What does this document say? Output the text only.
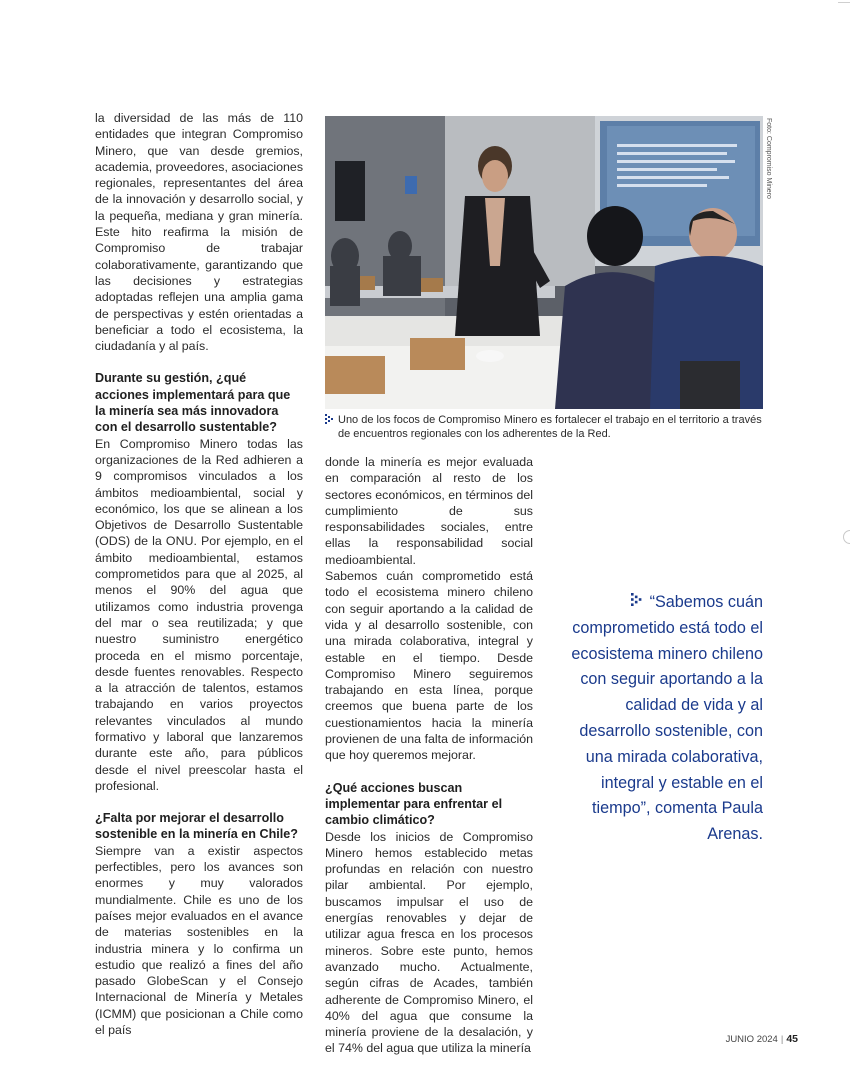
la diversidad de las más de 110 entidades que integran Compromiso Minero, que van desde gremios, academia, proveedores, asociaciones regionales, representantes del área de la innovación y desarrollo social, y la pequeña, mediana y gran minería. Este hito reafirma la misión de Compromiso de trabajar colaborativamente, garantizando que las decisiones y estrategias adoptadas reflejen una amplia gama de perspectivas y estén orientadas a beneficiar a todo el ecosistema, la ciudadanía y al país.

Durante su gestión, ¿qué acciones implementará para que la minería sea más innovadora con el desarrollo sustentable?

En Compromiso Minero todas las organizaciones de la Red adhieren a 9 compromisos vinculados a los ámbitos medioambiental, social y económico, los que se alinean a los Objetivos de Desarrollo Sustentable (ODS) de la ONU. Por ejemplo, en el ámbito medioambiental, estamos comprometidos para que al 2025, al menos el 90% del agua que utilizamos como industria provenga del mar o sea reutilizada; y que nuestro suministro energético proceda en el mismo porcentaje, desde fuentes renovables. Respecto a la atracción de talentos, estamos trabajando en varios proyectos relevantes vinculados al mundo formativo y laboral que lanzaremos durante este año, para públicos desde el nivel preescolar hasta el profesional.

¿Falta por mejorar el desarrollo sostenible en la minería en Chile?

Siempre van a existir aspectos perfectibles, pero los avances son enormes y muy valorados mundialmente. Chile es uno de los países mejor evaluados en el avance de materias sostenibles en la industria minera y lo confirma un estudio que realizó a fines del año pasado GlobeScan y el Consejo Internacional de Minería y Metales (ICMM) que posicionan a Chile como el país

Foto: Compromiso Minero
Uno de los focos de Compromiso Minero es fortalecer el trabajo en el territorio a través de encuentros regionales con los adherentes de la Red.

donde la minería es mejor evaluada en comparación al resto de los sectores económicos, en términos del cumplimiento de sus responsabilidades sociales, entre ellas la responsabilidad social medioambiental.

Sabemos cuán comprometido está todo el ecosistema minero chileno con seguir aportando a la calidad de vida y al desarrollo sostenible, con una mirada colaborativa, integral y estable en el tiempo. Desde Compromiso Minero seguiremos trabajando en esta línea, porque creemos que buena parte de los cuestionamientos hacia la minería provienen de una falta de información que hoy queremos mejorar.

¿Qué acciones buscan implementar para enfrentar el cambio climático?

Desde los inicios de Compromiso Minero hemos establecido metas profundas en relación con nuestro pilar ambiental. Por ejemplo, buscamos impulsar el uso de energías renovables y dejar de utilizar agua fresca en los procesos mineros. Sobre este punto, hemos avanzado mucho. Actualmente, según cifras de Acades, también adherente de Compromiso Minero, el 40% del agua que consume la minería proviene de la desalación, y el 74% del agua que utiliza la minería

“Sabemos cuán comprometido está todo el ecosistema minero chileno con seguir aportando a la calidad de vida y al desarrollo sostenible, con una mirada colaborativa, integral y estable en el tiempo”, comenta Paula Arenas.
JUNIO 2024 | 45
